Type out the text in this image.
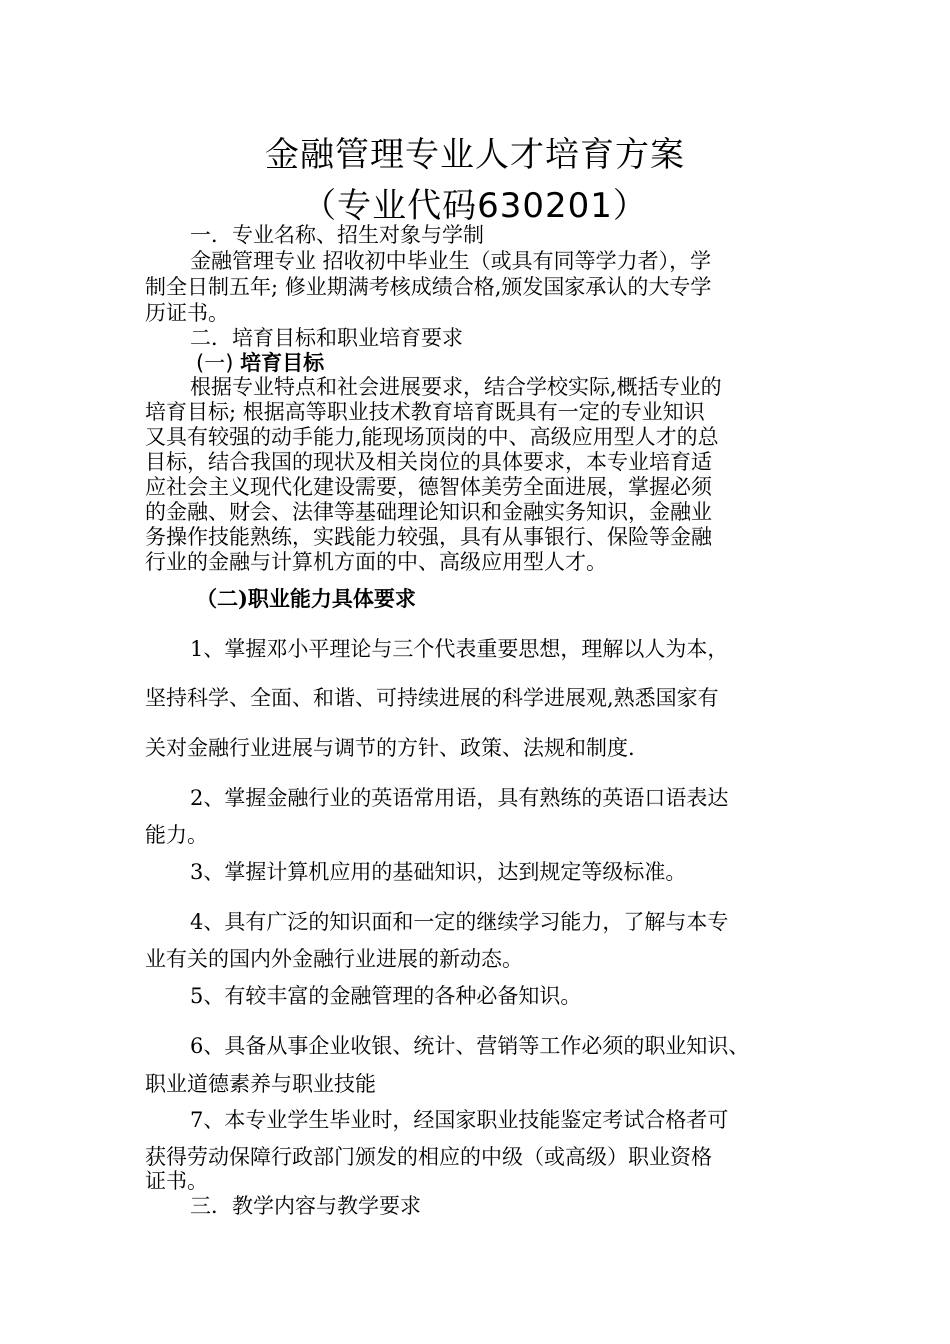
金融管理专业人才培育方案
（专业代码630201）
一．专业名称、招生对象与学制
金融管理专业 招收初中毕业生（或具有同等学力者），学
制全日制五年; 修业期满考核成绩合格,颁发国家承认的大专学
历证书。
二．培育目标和职业培育要求
(一) 培育目标
根据专业特点和社会进展要求，结合学校实际,概括专业的
培育目标; 根据高等职业技术教育培育既具有一定的专业知识
又具有较强的动手能力,能现场顶岗的中、高级应用型人才的总
目标，结合我国的现状及相关岗位的具体要求，本专业培育适
应社会主义现代化建设需要，德智体美劳全面进展，掌握必须
的金融、财会、法律等基础理论知识和金融实务知识，金融业
务操作技能熟练，实践能力较强，具有从事银行、保险等金融
行业的金融与计算机方面的中、高级应用型人才。
（二)职业能力具体要求
1、掌握邓小平理论与三个代表重要思想，理解以人为本，
坚持科学、全面、和谐、可持续进展的科学进展观,熟悉国家有
关对金融行业进展与调节的方针、政策、法规和制度.
2、掌握金融行业的英语常用语，具有熟练的英语口语表达
能力。
3、掌握计算机应用的基础知识，达到规定等级标准。
4、具有广泛的知识面和一定的继续学习能力，了解与本专
业有关的国内外金融行业进展的新动态。
5、有较丰富的金融管理的各种必备知识。
6、具备从事企业收银、统计、营销等工作必须的职业知识、
职业道德素养与职业技能
7、本专业学生毕业时，经国家职业技能鉴定考试合格者可
获得劳动保障行政部门颁发的相应的中级（或高级）职业资格
证书。
三．教学内容与教学要求
